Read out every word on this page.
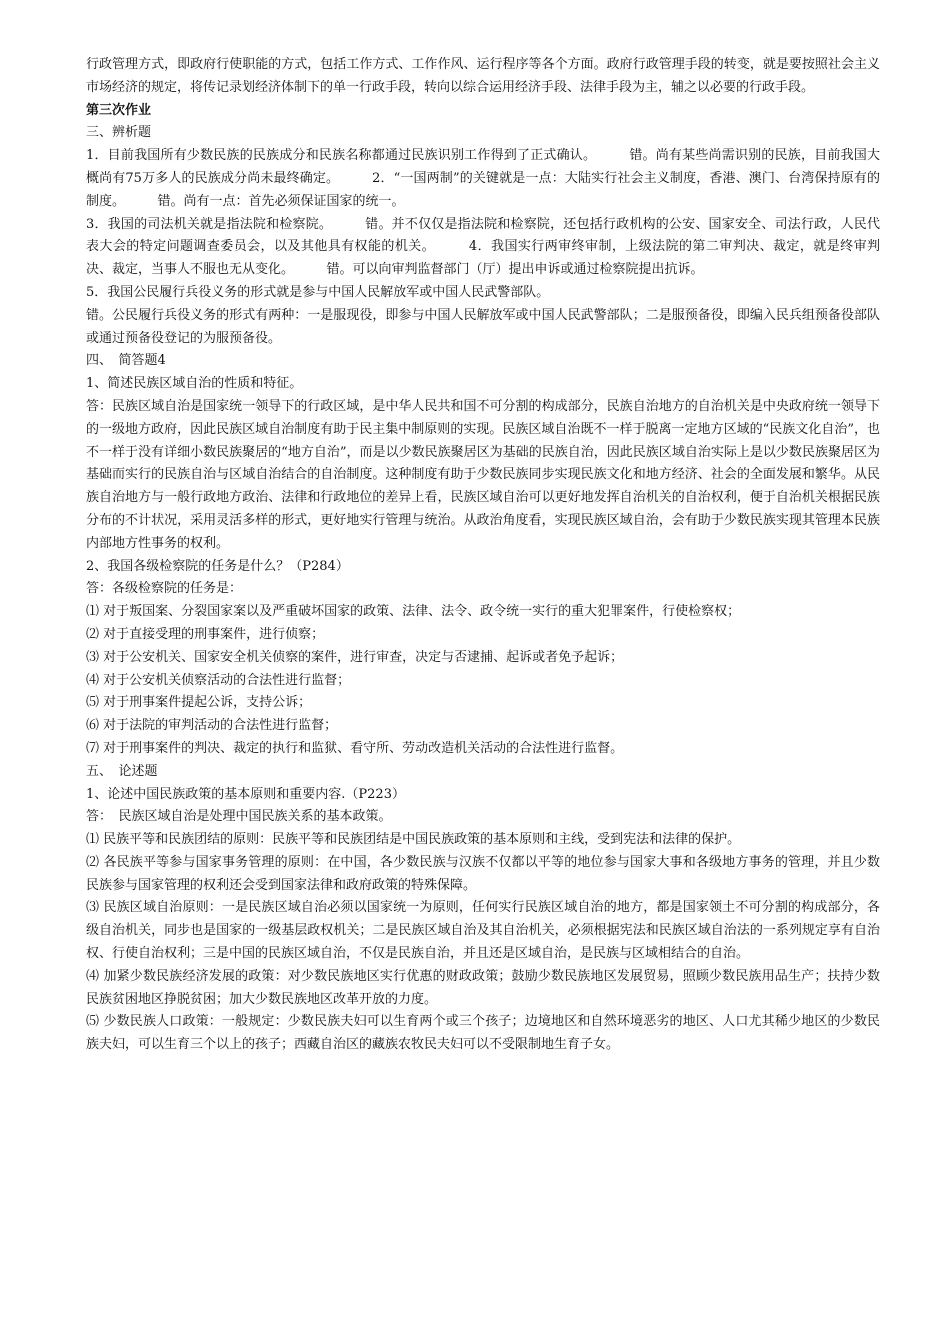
行政管理方式，即政府行使职能的方式，包括工作方式、工作作风、运行程序等各个方面。政府行政管理手段的转变，就是要按照社会主义市场经济的规定，将传记录划经济体制下的单一行政手段，转向以综合运用经济手段、法律手段为主，辅之以必要的行政手段。

第三次作业

三、辨析题

1．目前我国所有少数民族的民族成分和民族名称都通过民族识别工作得到了正式确认。　　　错。尚有某些尚需识别的民族，目前我国大概尚有75万多人的民族成分尚未最终确定。　　　2．“一国两制”的关键就是一点：大陆实行社会主义制度，香港、澳门、台湾保持原有的制度。　　　错。尚有一点：首先必须保证国家的统一。

3．我国的司法机关就是指法院和检察院。　　　错。并不仅仅是指法院和检察院，还包括行政机构的公安、国家安全、司法行政，人民代表大会的特定问题调查委员会，以及其他具有权能的机关。　　　4．我国实行两审终审制，上级法院的第二审判决、裁定，就是终审判决、裁定，当事人不服也无从变化。　　　错。可以向审判监督部门（厅）提出申诉或通过检察院提出抗诉。

5．我国公民履行兵役义务的形式就是参与中国人民解放军或中国人民武警部队。

错。公民履行兵役义务的形式有两种：一是服现役，即参与中国人民解放军或中国人民武警部队；二是服预备役，即编入民兵组预备役部队或通过预备役登记的为服预备役。

四、　简答题4

1、简述民族区域自治的性质和特征。

答：民族区域自治是国家统一领导下的行政区域，是中华人民共和国不可分割的构成部分，民族自治地方的自治机关是中央政府统一领导下的一级地方政府，因此民族区域自治制度有助于民主集中制原则的实现。民族区域自治既不一样于脱离一定地方区域的“民族文化自治”，也不一样于没有详细小数民族聚居的“地方自治”，而是以少数民族聚居区为基础的民族自治，因此民族区域自治实际上是以少数民族聚居区为基础而实行的民族自治与区域自治结合的自治制度。这种制度有助于少数民族同步实现民族文化和地方经济、社会的全面发展和繁华。从民族自治地方与一般行政地方政治、法律和行政地位的差异上看，民族区域自治可以更好地发挥自治机关的自治权利，便于自治机关根据民族分布的不计状况，采用灵活多样的形式，更好地实行管理与统治。从政治角度看，实现民族区域自治，会有助于少数民族实现其管理本民族内部地方性事务的权利。

2、我国各级检察院的任务是什么？（P284）

答：各级检察院的任务是：

⑴ 对于叛国案、分裂国家案以及严重破坏国家的政策、法律、法令、政令统一实行的重大犯罪案件，行使检察权；

⑵ 对于直接受理的刑事案件，进行侦察；

⑶ 对于公安机关、国家安全机关侦察的案件，进行审查，决定与否逮捕、起诉或者免予起诉；

⑷ 对于公安机关侦察活动的合法性进行监督；

⑸ 对于刑事案件提起公诉，支持公诉；

⑹ 对于法院的审判活动的合法性进行监督；

⑺ 对于刑事案件的判决、裁定的执行和监狱、看守所、劳动改造机关活动的合法性进行监督。

五、　论述题

1、论述中国民族政策的基本原则和重要内容.（P223）

答：　民族区域自治是处理中国民族关系的基本政策。

⑴ 民族平等和民族团结的原则：民族平等和民族团结是中国民族政策的基本原则和主线，受到宪法和法律的保护。

⑵ 各民族平等参与国家事务管理的原则：在中国，各少数民族与汉族不仅都以平等的地位参与国家大事和各级地方事务的管理，并且少数民族参与国家管理的权利还会受到国家法律和政府政策的特殊保障。

⑶ 民族区域自治原则：一是民族区域自治必须以国家统一为原则，任何实行民族区域自治的地方，都是国家领土不可分割的构成部分，各级自治机关，同步也是国家的一级基层政权机关；二是民族区域自治及其自治机关，必须根据宪法和民族区域自治法的一系列规定享有自治权、行使自治权利；三是中国的民族区域自治，不仅是民族自治，并且还是区域自治，是民族与区域相结合的自治。

⑷ 加紧少数民族经济发展的政策：对少数民族地区实行优惠的财政政策；鼓励少数民族地区发展贸易，照顾少数民族用品生产；扶持少数民族贫困地区挣脱贫困；加大少数民族地区改革开放的力度。

⑸ 少数民族人口政策：一般规定：少数民族夫妇可以生育两个或三个孩子；边境地区和自然环境恶劣的地区、人口尤其稀少地区的少数民族夫妇，可以生育三个以上的孩子；西藏自治区的藏族农牧民夫妇可以不受限制地生育子女。
